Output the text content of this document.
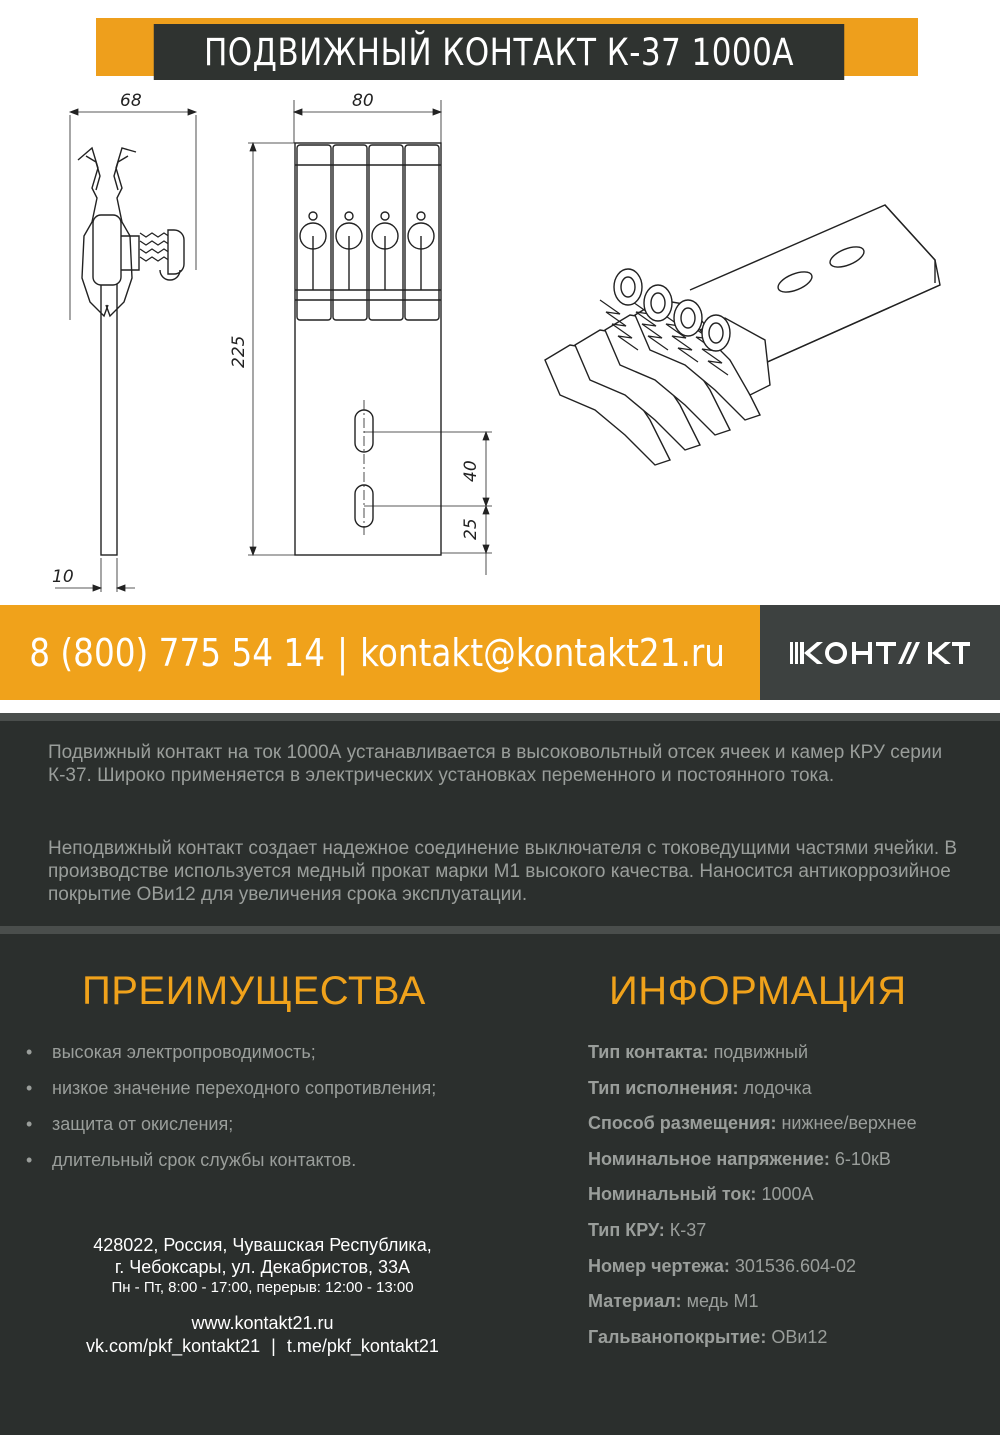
ПОДВИЖНЫЙ КОНТАКТ К-37 1000А
68	80
225
10
40
25
8 (800) 775 54 14 | kontakt@kontakt21.ru

Подвижный контакт на ток 1000А устанавливается в высоковольтный отсек ячеек и камер КРУ серии К-37. Широко применяется в электрических установках переменного и постоянного тока.

Неподвижный контакт создает надежное соединение выключателя с токоведущими частями ячейки. В производстве используется медный прокат марки М1 высокого качества. Наносится антикоррозийное покрытие ОВи12 для увеличения срока эксплуатации.

ПРЕИМУЩЕСТВА
• высокая электропроводимость;
• низкое значение переходного сопротивления;
• защита от окисления;
• длительный срок службы контактов.
ИНФОРМАЦИЯ
Тип контакта: подвижный
Тип исполнения: лодочка
Способ размещения: нижнее/верхнее
Номинальное напряжение: 6-10кВ
Номинальный ток: 1000А
Тип КРУ: К-37
Номер чертежа: 301536.604-02
Материал: медь М1
Гальванопокрытие: ОВи12
428022, Россия, Чувашская Республика,
г. Чебоксары, ул. Декабристов, 33А
Пн - Пт, 8:00 - 17:00, перерыв: 12:00 - 13:00
www.kontakt21.ru
vk.com/pkf_kontakt21 | t.me/pkf_kontakt21
